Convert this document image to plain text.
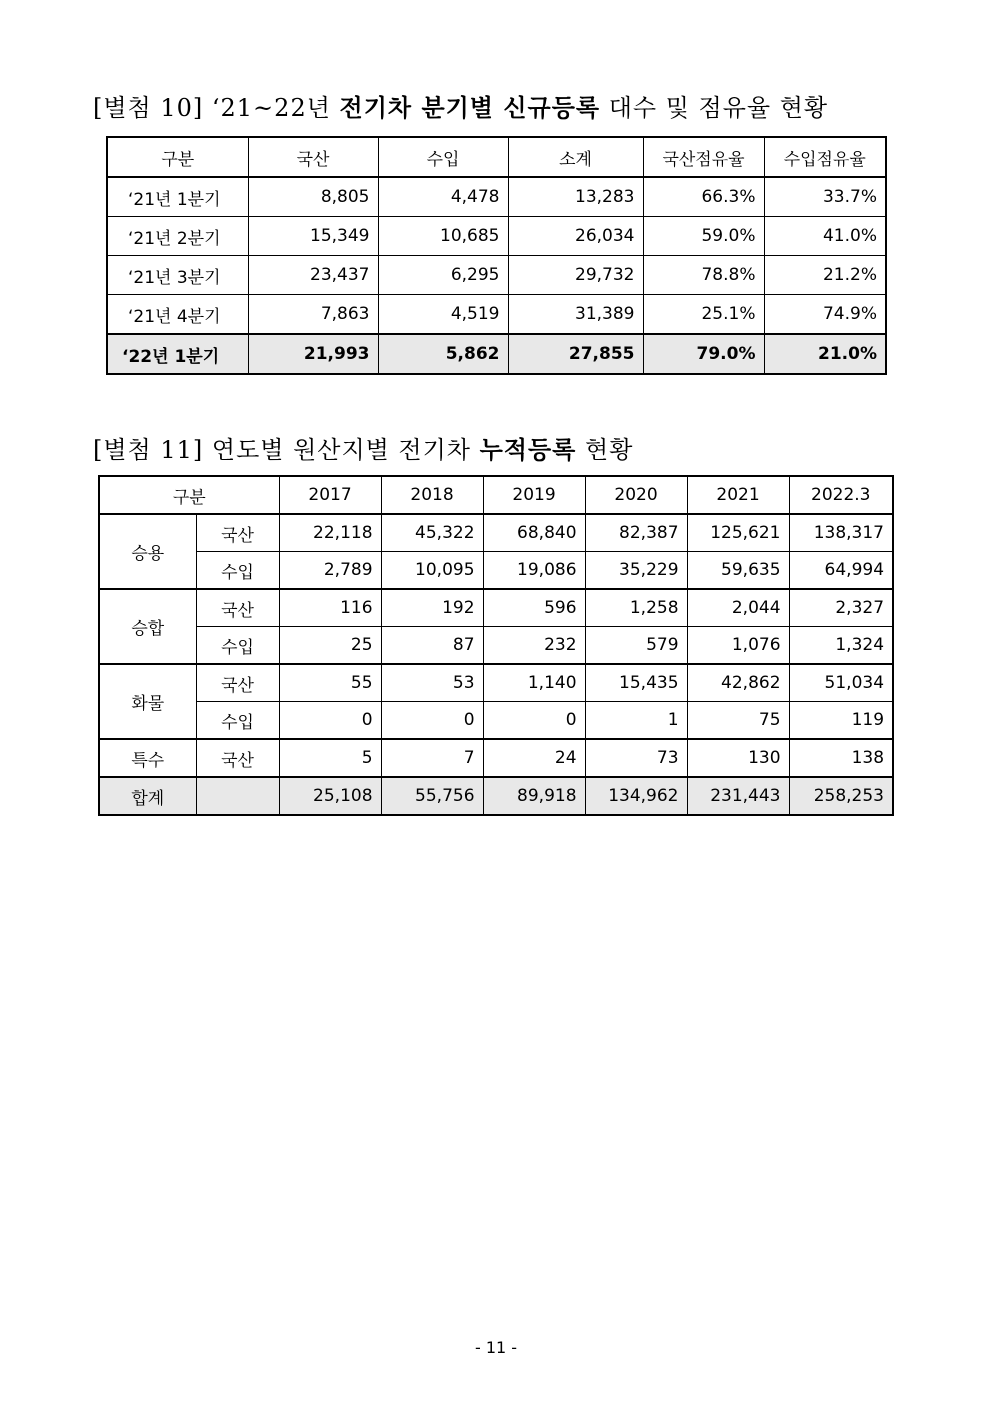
[별첨 10] ‘21~22년 전기차 분기별 신규등록 대수 및 점유율 현황
구분	국산	수입	소계	국산점유율	수입점유율
‘21년 1분기	8,805	4,478	13,283	66.3%	33.7%
‘21년 2분기	15,349	10,685	26,034	59.0%	41.0%
‘21년 3분기	23,437	6,295	29,732	78.8%	21.2%
‘21년 4분기	7,863	4,519	31,389	25.1%	74.9%
‘22년 1분기	21,993	5,862	27,855	79.0%	21.0%
[별첨 11] 연도별 원산지별 전기차 누적등록 현황
구분		2017	2018	2019	2020	2021	2022.3
승용	국산	22,118	45,322	68,840	82,387	125,621	138,317
	수입	2,789	10,095	19,086	35,229	59,635	64,994
승합	국산	116	192	596	1,258	2,044	2,327
	수입	25	87	232	579	1,076	1,324
화물	국산	55	53	1,140	15,435	42,862	51,034
	수입	0	0	0	1	75	119
특수	국산	5	7	24	73	130	138
합계		25,108	55,756	89,918	134,962	231,443	258,253
- 11 -
